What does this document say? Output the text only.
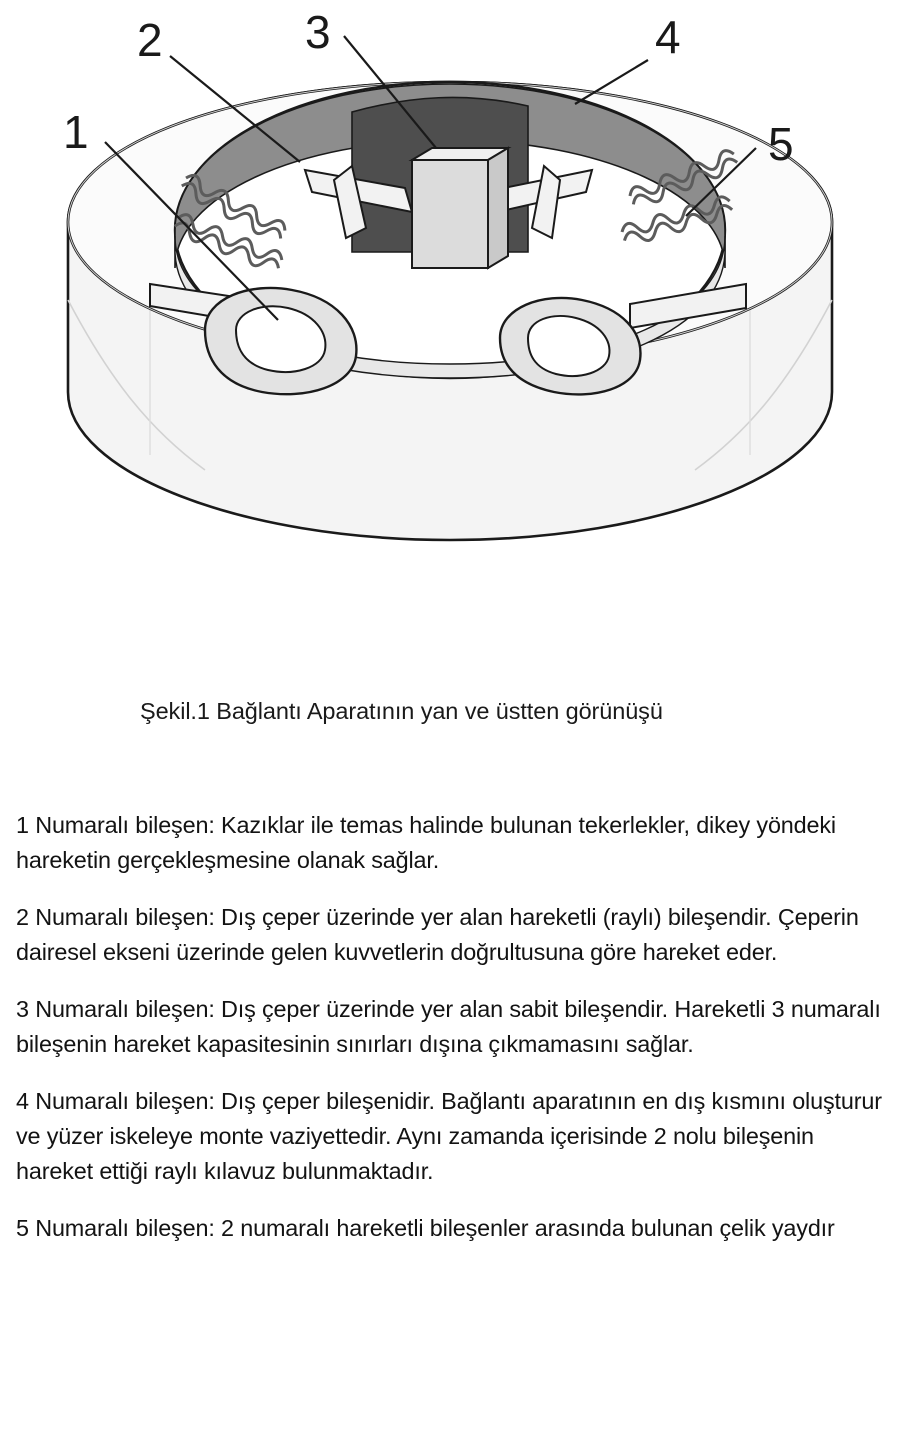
1
2	3	4
5
Şekil.1 Bağlantı Aparatının yan ve üstten görünüşü

1 Numaralı bileşen: Kazıklar ile temas halinde bulunan tekerlekler, dikey yöndeki hareketin gerçekleşmesine olanak sağlar.

2 Numaralı bileşen: Dış çeper üzerinde yer alan hareketli (raylı) bileşendir. Çeperin dairesel ekseni üzerinde gelen kuvvetlerin doğrultusuna göre hareket eder.

3 Numaralı bileşen: Dış çeper üzerinde yer alan sabit bileşendir. Hareketli 3 numaralı bileşenin hareket kapasitesinin sınırları dışına çıkmamasını sağlar.

4 Numaralı bileşen: Dış çeper bileşenidir. Bağlantı aparatının en dış kısmını oluşturur ve yüzer iskeleye monte vaziyettedir. Aynı zamanda içerisinde 2 nolu bileşenin hareket ettiği raylı kılavuz bulunmaktadır.

5 Numaralı bileşen: 2 numaralı hareketli bileşenler arasında bulunan çelik yaydır
